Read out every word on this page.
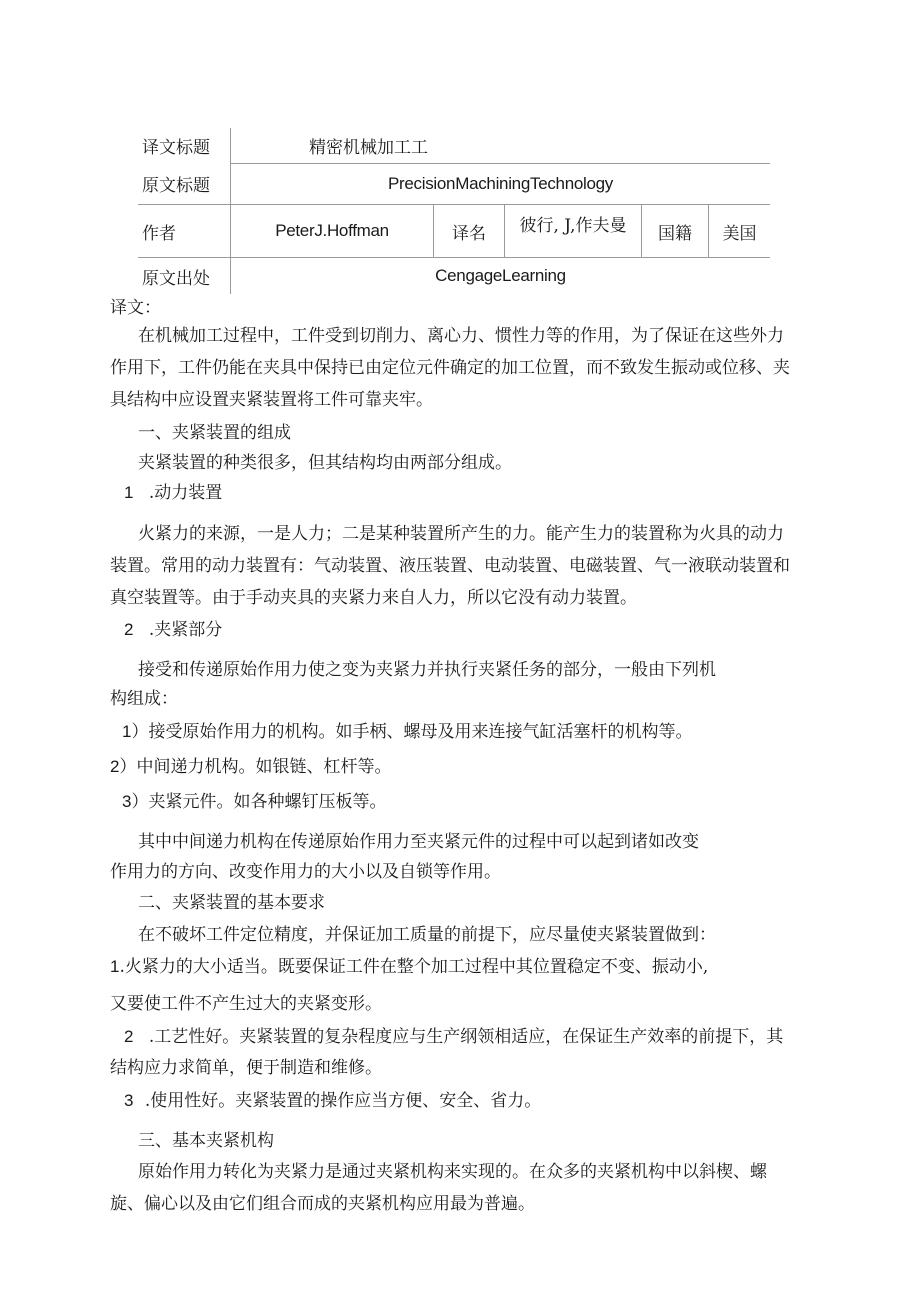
译文标题	精密机械加工工				
原文标题	PrecisionMachiningTechnology				
作者	PeterJ.Hoffman	译名	彼行, J,作夫曼	国籍	美国
原文出处	CengageLearning				
译文：
在机械加工过程中，工件受到切削力、离心力、惯性力等的作用，为了保证在这些外力
作用下，工件仍能在夹具中保持已由定位元件确定的加工位置，而不致发生振动或位移、夹
具结构中应设置夹紧装置将工件可靠夹牢。
一、夹紧装置的组成
夹紧装置的种类很多，但其结构均由两部分组成。
1 .动力装置
火紧力的来源，一是人力；二是某种装置所产生的力。能产生力的装置称为火具的动力
装置。常用的动力装置有：气动装置、液压装置、电动装置、电磁装置、气一液联动装置和
真空装置等。由于手动夹具的夹紧力来自人力，所以它没有动力装置。
2 .夹紧部分
接受和传递原始作用力使之变为夹紧力并执行夹紧任务的部分，一般由下列机
构组成：
1）接受原始作用力的机构。如手柄、螺母及用来连接气缸活塞杆的机构等。
2）中间递力机构。如银链、杠杆等。
3）夹紧元件。如各种螺钉压板等。
其中中间递力机构在传递原始作用力至夹紧元件的过程中可以起到诸如改变
作用力的方向、改变作用力的大小以及自锁等作用。
二、夹紧装置的基本要求
在不破坏工件定位精度，并保证加工质量的前提下，应尽量使夹紧装置做到：
1.火紧力的大小适当。既要保证工件在整个加工过程中其位置稳定不变、振动小,
又要使工件不产生过大的夹紧变形。
2 .工艺性好。夹紧装置的复杂程度应与生产纲领相适应，在保证生产效率的前提下，其
结构应力求简单，便于制造和维修。
3 .使用性好。夹紧装置的操作应当方便、安全、省力。
三、基本夹紧机构
原始作用力转化为夹紧力是通过夹紧机构来实现的。在众多的夹紧机构中以斜楔、螺
旋、偏心以及由它们组合而成的夹紧机构应用最为普遍。
